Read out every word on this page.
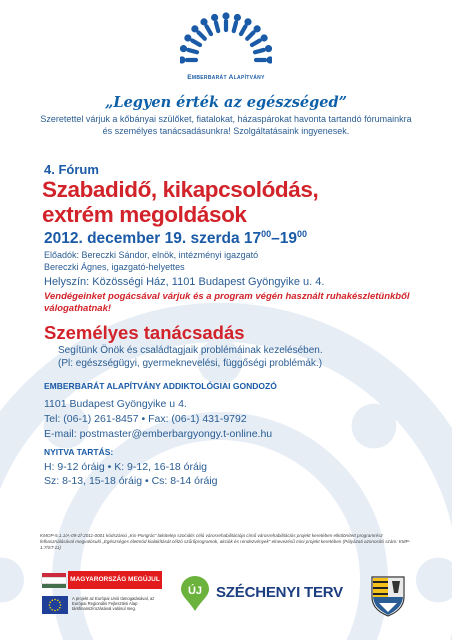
Emberbarát Alapítvány
„Legyen érték az egészséged”
Szeretettel várjuk a kőbányai szülőket, fiatalokat, házaspárokat havonta tartandó fórumainkra és személyes tanácsadásunkra! Szolgáltatásaink ingyenesek.
4. Fórum
Szabadidő, kikapcsolódás,
extrém megoldások
2012. december 19. szerda $17^{00}-19^{00}$
Előadók: Bereczki Sándor, elnök, intézményi igazgató
Bereczki Ágnes, igazgató-helyettes
Helyszín: Közösségi Ház, 1101 Budapest Gyöngyike u. 4.
Vendégeinket pogácsával várjuk és a program végén használt ruhakészletünkből válogathatnak!
Személyes tanácsadás
Segítünk Önök és családtagjaik problémáinak kezelésében.
(Pl: egészségügyi, gyermeknevelési, függőségi problémák.)
EMBERBARÁT ALAPÍTVÁNY ADDIKTOLÓGIAI GONDOZÓ
1101 Budapest Gyöngyike u 4.
Tel: (06-1) 261-8457 • Fax: (06-1) 431-9792
E-mail: postmaster@emberbargyongy.t-online.hu
NYITVA TARTÁS:
H: 9-12 óráig • K: 9-12, 16-18 óráig
Sz: 8-13, 15-18 óráig • Cs: 8-14 óráig
KMOP-5.1.1/A-09-2f-2011-0001 kódszámú „Kis-Pongrác” lakótelep szociális célú városrehabilitációja című városrehabilitációs projekt keretében elkülönített programrész felhasználásával megvalósuló „Egészséges életmód kialakítását célzó szűrőprogramok, akciók és rendezvények” elnevezésű mini projekt keretében (Pályázati azonosító szám: KMP-1.7/ST-11)
MAGYARORSZÁG MEGÚJUL
A projekt az Európai Unió támogatásával, az Európai Regionális Fejlesztési Alap társfinanszírozásával valósul meg.
ÚJ SZÉCHENYI TERV
